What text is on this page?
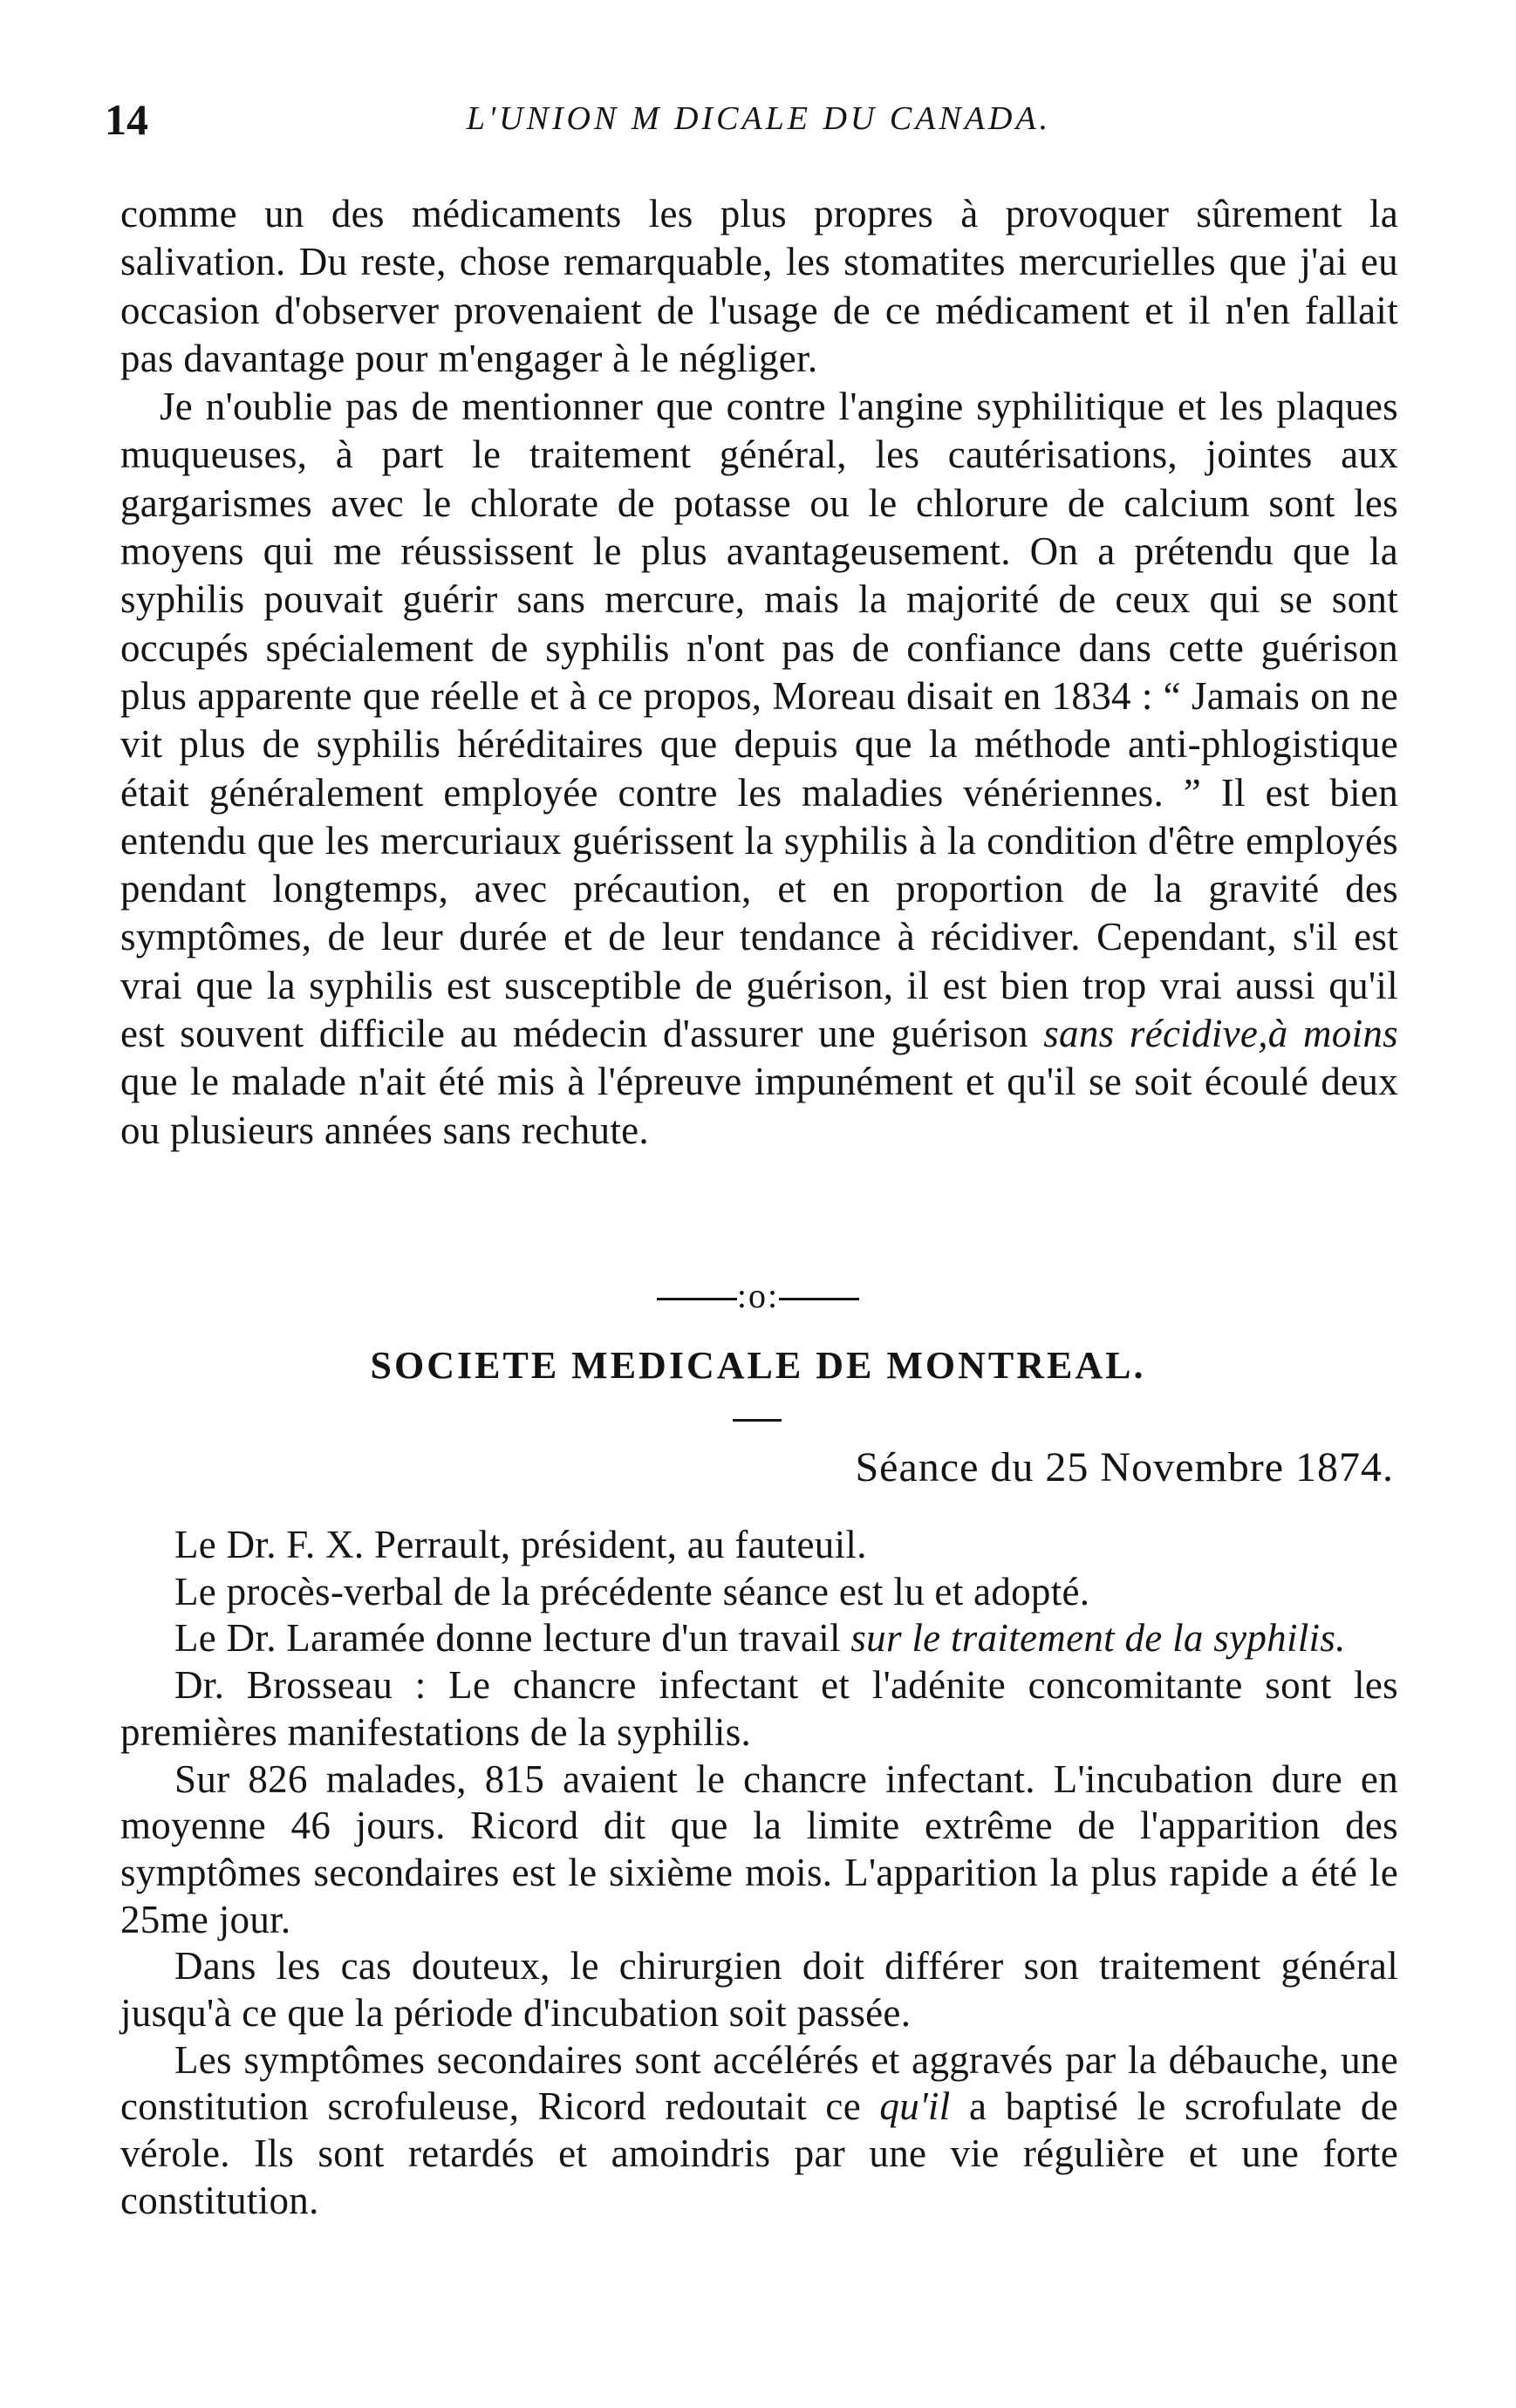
14	L'UNION M DICALE DU CANADA.

comme un des médicaments les plus propres à provoquer sûrement la salivation. Du reste, chose remarquable, les stomatites mercurielles que j'ai eu occasion d'observer provenaient de l'usage de ce médicament et il n'en fallait pas davantage pour m'engager à le négliger.

Je n'oublie pas de mentionner que contre l'angine syphilitique et les plaques muqueuses, à part le traitement général, les cautérisations, jointes aux gargarismes avec le chlorate de potasse ou le chlorure de calcium sont les moyens qui me réussissent le plus avantageusement. On a prétendu que la syphilis pouvait guérir sans mercure, mais la majorité de ceux qui se sont occupés spécialement de syphilis n'ont pas de confiance dans cette guérison plus apparente que réelle et à ce propos, Moreau disait en 1834 : “ Jamais on ne vit plus de syphilis héréditaires que depuis que la méthode anti-phlogistique était généralement employée contre les maladies vénériennes. ” Il est bien entendu que les mercuriaux guérissent la syphilis à la condition d'être employés pendant longtemps, avec précaution, et en proportion de la gravité des symptômes, de leur durée et de leur tendance à récidiver. Cependant, s'il est vrai que la syphilis est susceptible de guérison, il est bien trop vrai aussi qu'il est souvent difficile au médecin d'assurer une guérison sans récidive,à moins que le malade n'ait été mis à l'épreuve impunément et qu'il se soit écoulé deux ou plusieurs années sans rechute.

:o:
SOCIETE MEDICALE DE MONTREAL.
Séance du 25 Novembre 1874.

Le Dr. F. X. Perrault, président, au fauteuil.

Le procès-verbal de la précédente séance est lu et adopté.

Le Dr. Laramée donne lecture d'un travail sur le traitement de la syphilis.

Dr. Brosseau : Le chancre infectant et l'adénite concomitante sont les premières manifestations de la syphilis.

Sur 826 malades, 815 avaient le chancre infectant. L'incubation dure en moyenne 46 jours. Ricord dit que la limite extrême de l'apparition des symptômes secondaires est le sixième mois. L'apparition la plus rapide a été le 25me jour.

Dans les cas douteux, le chirurgien doit différer son traitement général jusqu'à ce que la période d'incubation soit passée.

Les symptômes secondaires sont accélérés et aggravés par la débauche, une constitution scrofuleuse, Ricord redoutait ce qu'il a baptisé le scrofulate de vérole. Ils sont retardés et amoindris par une vie régulière et une forte constitution.
